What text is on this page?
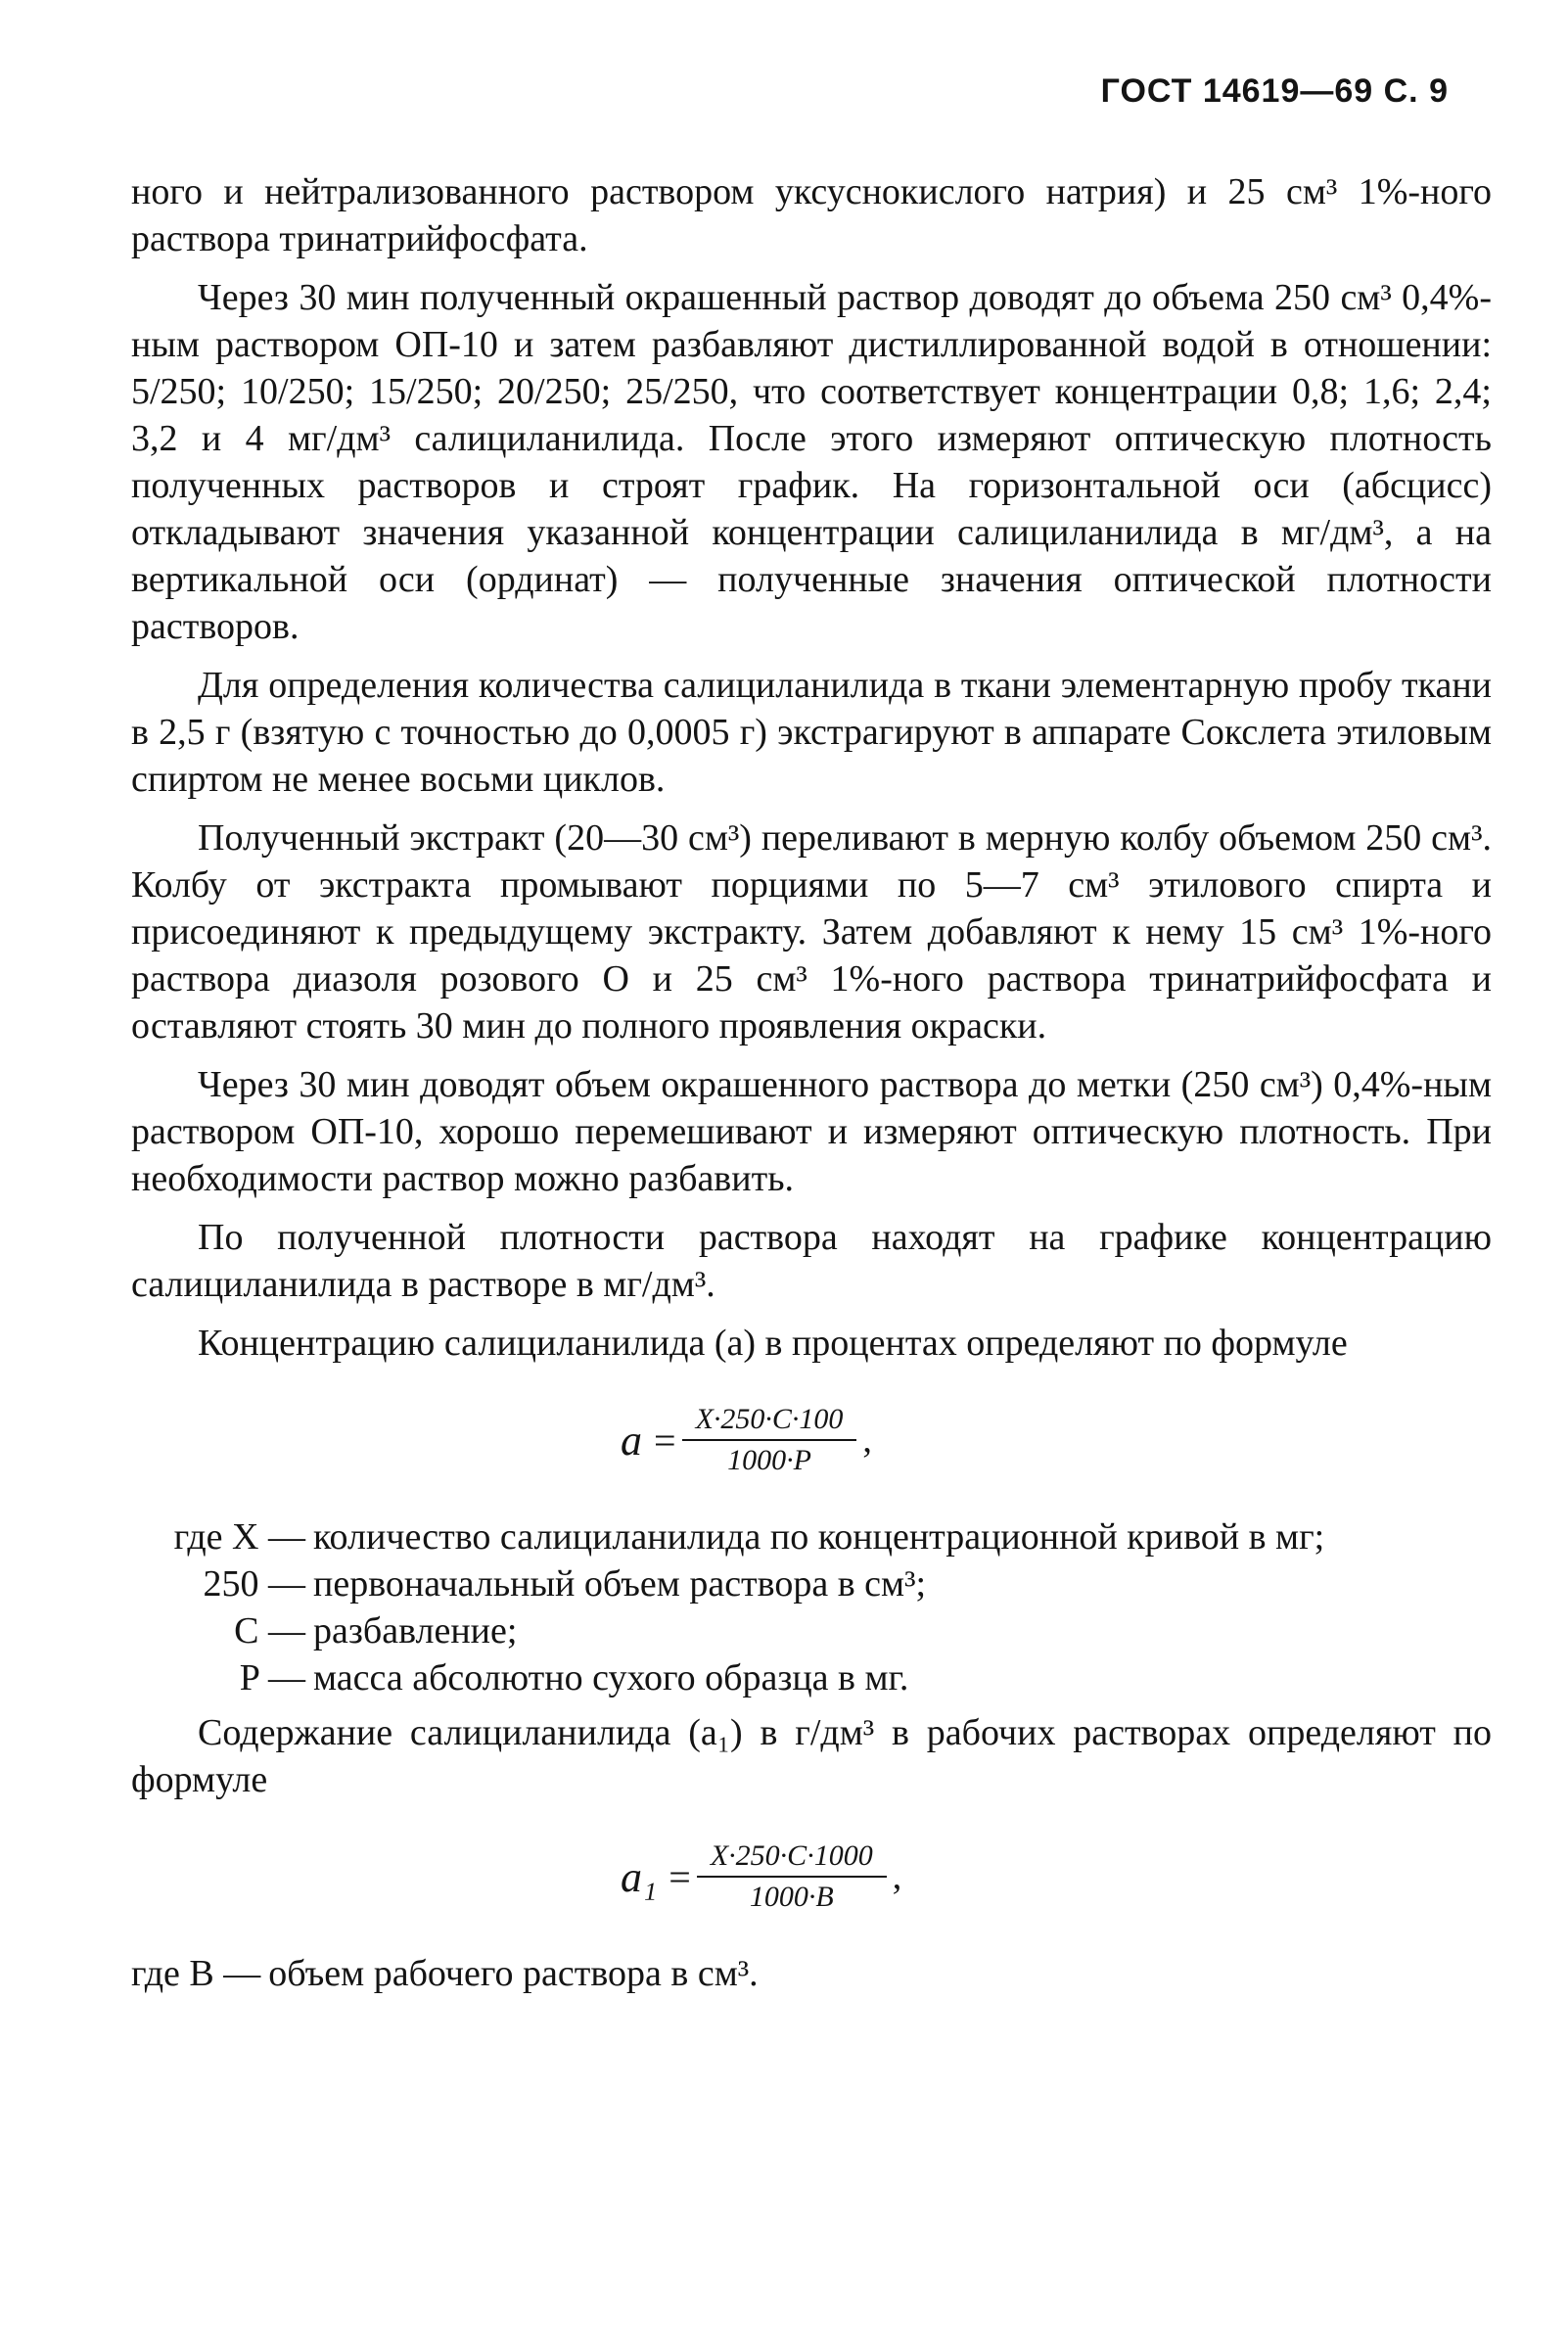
ГОСТ 14619—69 С. 9

ного и нейтрализованного раствором уксуснокислого натрия) и 25 см³ 1%-ного раствора тринатрийфосфата.

Через 30 мин полученный окрашенный раствор доводят до объема 250 см³ 0,4%-ным раствором ОП-10 и затем разбавляют дистиллированной водой в отношении: 5/250; 10/250; 15/250; 20/250; 25/250, что соответствует концентрации 0,8; 1,6; 2,4; 3,2 и 4 мг/дм³ салициланилида. После этого измеряют оптическую плотность полученных растворов и строят график. На горизонтальной оси (абсцисс) откладывают значения указанной концентрации салициланилида в мг/дм³, а на вертикальной оси (ординат) — полученные значения оптической плотности растворов.

Для определения количества салициланилида в ткани элементарную пробу ткани в 2,5 г (взятую с точностью до 0,0005 г) экстрагируют в аппарате Сокслета этиловым спиртом не менее восьми циклов.

Полученный экстракт (20—30 см³) переливают в мерную колбу объемом 250 см³. Колбу от экстракта промывают порциями по 5—7 см³ этилового спирта и присоединяют к предыдущему экстракту. Затем добавляют к нему 15 см³ 1%-ного раствора диазоля розового О и 25 см³ 1%-ного раствора тринатрийфосфата и оставляют стоять 30 мин до полного проявления окраски.

Через 30 мин доводят объем окрашенного раствора до метки (250 см³) 0,4%-ным раствором ОП-10, хорошо перемешивают и измеряют оптическую плотность. При необходимости раствор можно разбавить.

По полученной плотности раствора находят на графике концентрацию салициланилида в растворе в мг/дм³.

Концентрацию салициланилида (a) в процентах определяют по формуле

$a = \frac{X\cdot 250\cdot C\cdot 100}{1000\cdot P}$ ,
где X — количество салициланилида по концентрационной кривой в мг;
250 — первоначальный объем раствора в см³;
C — разбавление;
P — масса абсолютно сухого образца в мг.

Содержание салициланилида (a₁) в г/дм³ в рабочих растворах определяют по формуле

$a_1 = \frac{X\cdot 250\cdot C\cdot 1000}{1000\cdot B}$ ,
где B — объем рабочего раствора в см³.
